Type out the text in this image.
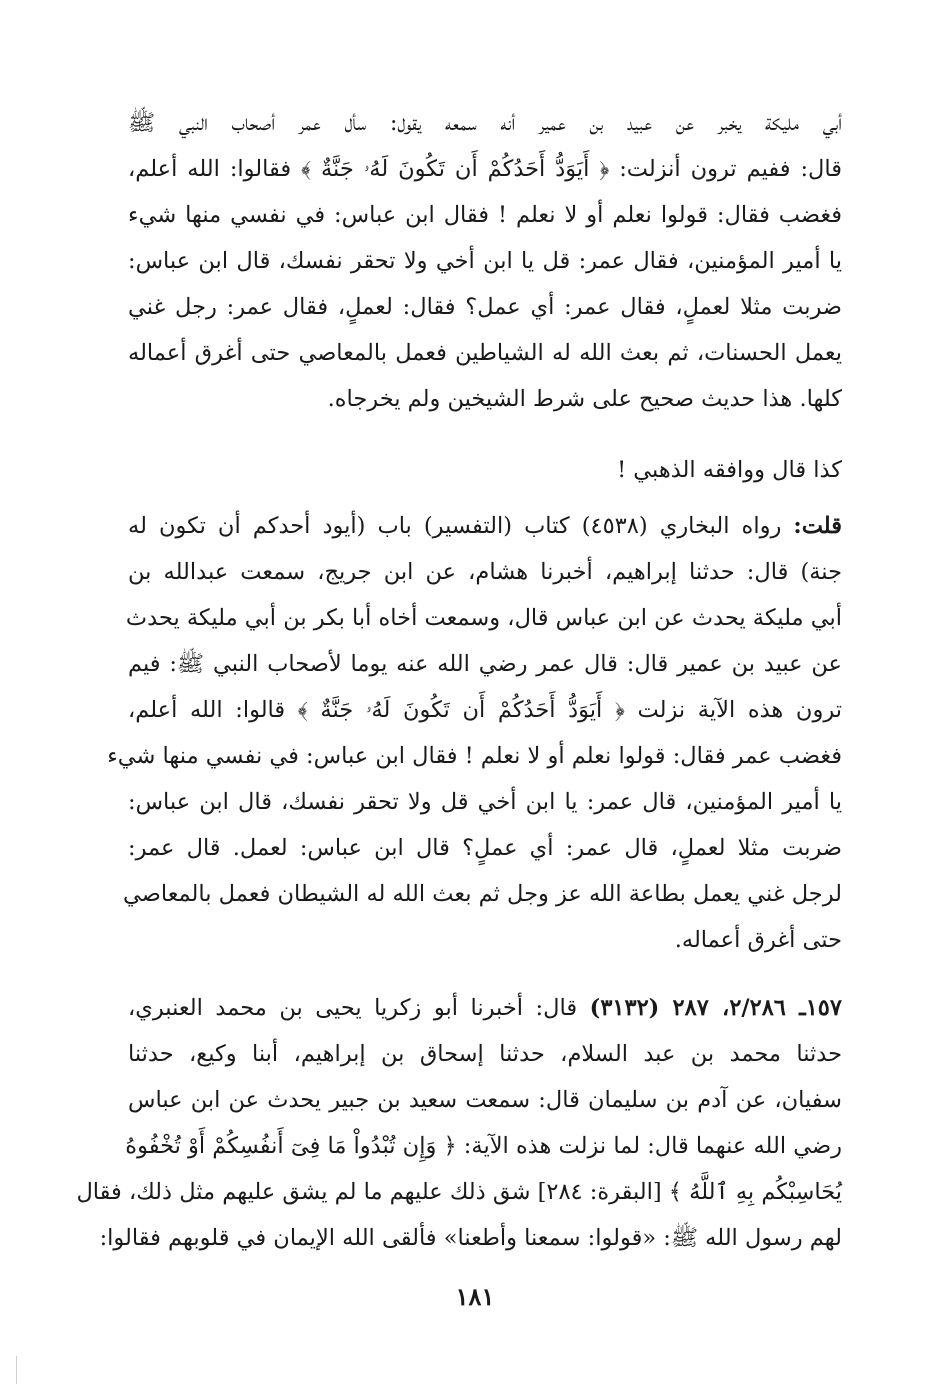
أبي مليكة يخبر عن عبيد بن عمير أنه سمعه يقول: سأل عمر أصحاب النبي ﷺ
قال: ففيم ترون أنزلت: ﴿ أَيَوَدُّ أَحَدُكُمْ أَن تَكُونَ لَهُۥ جَنَّةٌ ﴾ فقالوا: الله أعلم،
فغضب فقال: قولوا نعلم أو لا نعلم ! فقال ابن عباس: في نفسي منها شيء
يا أمير المؤمنين، فقال عمر: قل يا ابن أخي ولا تحقر نفسك، قال ابن عباس:
ضربت مثلا لعملٍ، فقال عمر: أي عمل؟ فقال: لعملٍ، فقال عمر: رجل غني
يعمل الحسنات، ثم بعث الله له الشياطين فعمل بالمعاصي حتى أغرق أعماله
كلها. هذا حديث صحيح على شرط الشيخين ولم يخرجاه.
كذا قال ووافقه الذهبي !
قلت: رواه البخاري (٤٥٣٨) كتاب (التفسير) باب (أيود أحدكم أن تكون له
جنة) قال: حدثنا إبراهيم، أخبرنا هشام، عن ابن جريج، سمعت عبدالله بن
أبي مليكة يحدث عن ابن عباس قال، وسمعت أخاه أبا بكر بن أبي مليكة يحدث
عن عبيد بن عمير قال: قال عمر رضي الله عنه يوما لأصحاب النبي ﷺ: فيم
ترون هذه الآية نزلت ﴿ أَيَوَدُّ أَحَدُكُمْ أَن تَكُونَ لَهُۥ جَنَّةٌ ﴾ قالوا: الله أعلم،
فغضب عمر فقال: قولوا نعلم أو لا نعلم ! فقال ابن عباس: في نفسي منها شيء
يا أمير المؤمنين، قال عمر: يا ابن أخي قل ولا تحقر نفسك، قال ابن عباس:
ضربت مثلا لعملٍ، قال عمر: أي عملٍ؟ قال ابن عباس: لعمل. قال عمر:
لرجل غني يعمل بطاعة الله عز وجل ثم بعث الله له الشيطان فعمل بالمعاصي
حتى أغرق أعماله.
١٥٧ـ ٢/٢٨٦، ٢٨٧ (٣١٣٢) قال: أخبرنا أبو زكريا يحيى بن محمد العنبري،
حدثنا محمد بن عبد السلام، حدثنا إسحاق بن إبراهيم، أبنا وكيع، حدثنا
سفيان، عن آدم بن سليمان قال: سمعت سعيد بن جبير يحدث عن ابن عباس
رضي الله عنهما قال: لما نزلت هذه الآية: ﴿ وَإِن تُبْدُواْ مَا فِىٓ أَنفُسِكُمْ أَوْ تُخْفُوهُ
يُحَاسِبْكُم بِهِ ٱللَّهُ ﴾ [البقرة: ٢٨٤] شق ذلك عليهم ما لم يشق عليهم مثل ذلك، فقال
لهم رسول الله ﷺ: «قولوا: سمعنا وأطعنا» فألقى الله الإيمان في قلوبهم فقالوا:
١٨١
